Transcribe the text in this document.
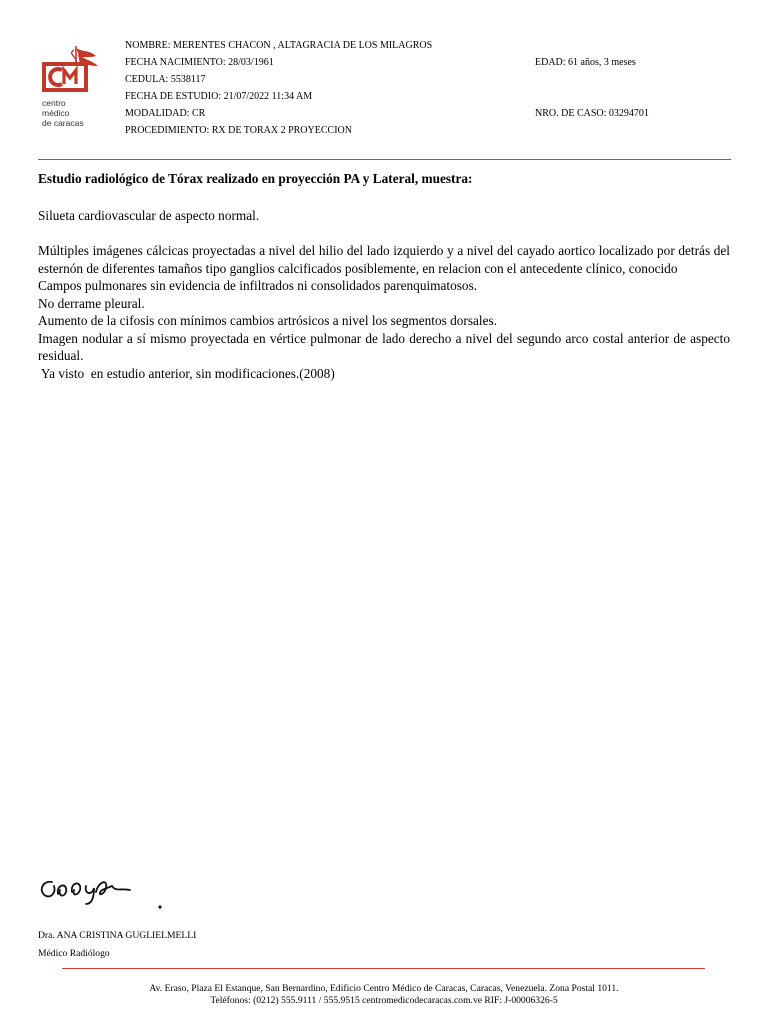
centro
médico
de caracas
NOMBRE: MERENTES CHACON , ALTAGRACIA DE LOS MILAGROS
FECHA NACIMIENTO: 28/03/1961	EDAD: 61 años, 3 meses
CEDULA: 5538117
FECHA DE ESTUDIO: 21/07/2022 11:34 AM
MODALIDAD: CR	NRO. DE CASO: 03294701
PROCEDIMIENTO: RX DE TORAX 2 PROYECCION
Estudio radiológico de Tórax realizado en proyección PA y Lateral, muestra:

Silueta cardiovascular de aspecto normal.

Múltiples imágenes cálcicas proyectadas a nivel del hilio del lado izquierdo y a nivel del cayado aortico localizado por detrás del esternón de diferentes tamaños tipo ganglios calcificados posiblemente, en relacion con el antecedente clínico, conocido

Campos pulmonares sin evidencia de infiltrados ni consolidados parenquimatosos.

No derrame pleural.

Aumento de la cifosis con mínimos cambios artrósicos a nivel los segmentos dorsales.

Imagen nodular a sí mismo proyectada en vértice pulmonar de lado derecho a nivel del segundo arco costal anterior de aspecto residual.

Ya visto  en estudio anterior, sin modificaciones.(2008)

Dra. ANA CRISTINA GUGLIELMELLI
Médico Radiólogo
Av. Eraso, Plaza El Estanque, San Bernardino, Edificio Centro Médico de Caracas, Caracas, Venezuela. Zona Postal 1011.
Teléfonos: (0212) 555.9111 / 555.9515 centromedicodecaracas.com.ve RIF: J-00006326-5
